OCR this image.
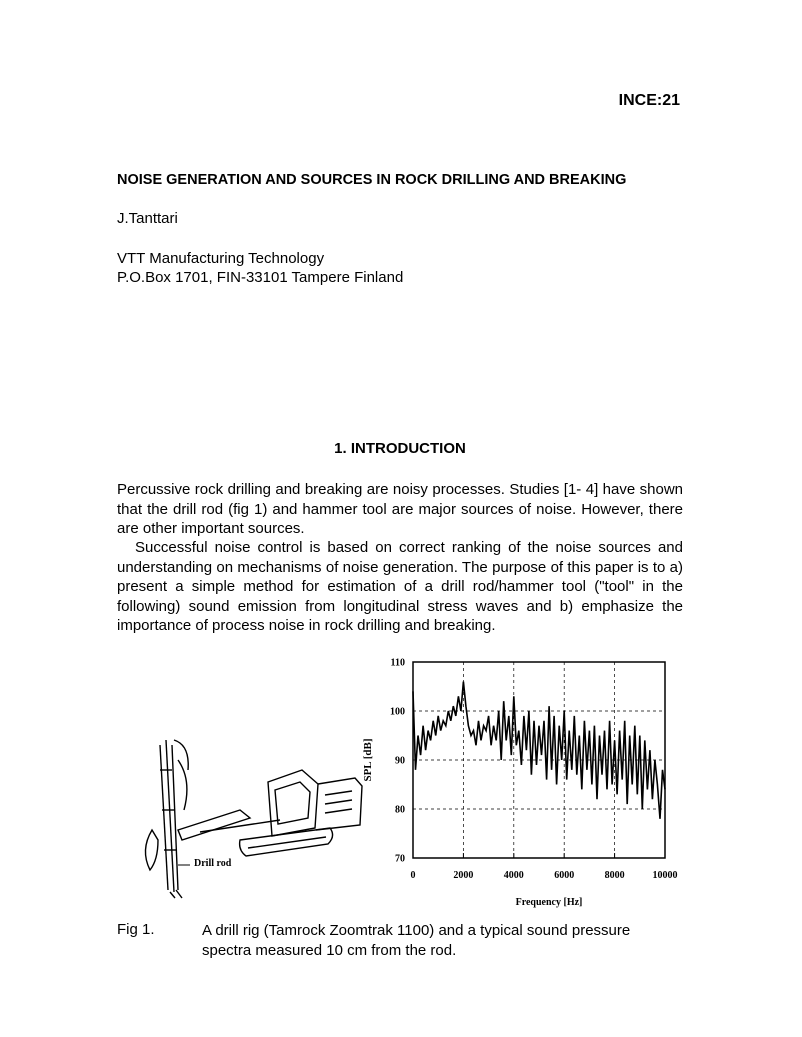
INCE:21
NOISE GENERATION AND SOURCES IN ROCK DRILLING AND BREAKING
J.Tanttari
VTT Manufacturing Technology
P.O.Box 1701, FIN-33101 Tampere Finland
1. INTRODUCTION

Percussive rock drilling and breaking are noisy processes. Studies [1- 4] have shown that the drill rod (fig 1) and hammer tool are major sources of noise. However, there are other important sources.

Successful noise control is based on correct ranking of the noise sources and understanding on mechanisms of noise generation. The purpose of this paper is to a) present a simple method for estimation of a drill rod/hammer tool ("tool" in the following) sound emission from longitudinal stress waves and b) emphasize the importance of process noise in rock drilling and breaking.

Drill rod	70
80
90
100
110
0	2000	4000	6000	8000	10000
SPL [dB]
Frequency [Hz]
Fig 1.	A drill rig (Tamrock Zoomtrak 1100) and a typical sound pressure spectra measured 10 cm from the rod.
